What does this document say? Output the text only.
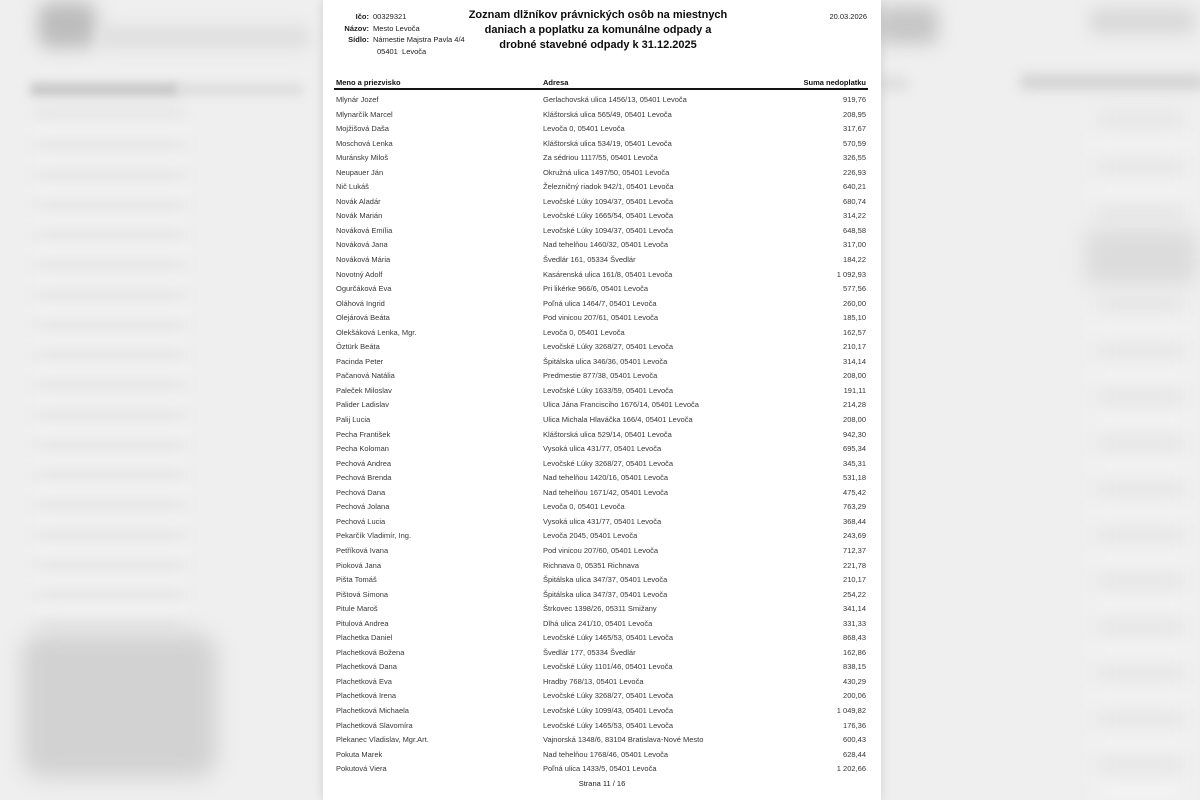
Ičo: 00329321
Názov: Mesto Levoča
Sídlo: Námestie Majstra Pavla 4/4
05401  Levoča
Zoznam dlžníkov právnických osôb na miestnych
daniach a poplatku za komunálne odpady a
drobné stavebné odpady k 31.12.2025
20.03.2026
Meno a priezvisko	Adresa	Suma nedoplatku
Mlynár Jozef	Gerlachovská ulica 1456/13, 05401 Levoča	919,76
Mlynarčík Marcel	Kláštorská ulica 565/49, 05401 Levoča	208,95
Mojžišová Daša	Levoča 0, 05401 Levoča	317,67
Moschová Lenka	Kláštorská ulica 534/19, 05401 Levoča	570,59
Muránsky Miloš	Za sédriou 1117/55, 05401 Levoča	326,55
Neupauer Ján	Okružná ulica 1497/50, 05401 Levoča	226,93
Nič Lukáš	Železničný riadok 942/1, 05401 Levoča	640,21
Novák Aladár	Levočské Lúky 1094/37, 05401 Levoča	680,74
Novák Marián	Levočské Lúky 1665/54, 05401 Levoča	314,22
Nováková Emília	Levočské Lúky 1094/37, 05401 Levoča	648,58
Nováková Jana	Nad tehelňou 1460/32, 05401 Levoča	317,00
Nováková Mária	Švedlár 161, 05334 Švedlár	184,22
Novotný Adolf	Kasárenská ulica 161/8, 05401 Levoča	1 092,93
Ogurčáková Eva	Pri likérke 966/6, 05401 Levoča	577,56
Oláhová Ingrid	Poľná ulica 1464/7, 05401 Levoča	260,00
Olejárová Beáta	Pod vinicou 207/61, 05401 Levoča	185,10
Olekšáková Lenka, Mgr.	Levoča 0, 05401 Levoča	162,57
Öztürk Beáta	Levočské Lúky 3268/27, 05401 Levoča	210,17
Pacinda Peter	Špitálska ulica 346/36, 05401 Levoča	314,14
Pačanová Natália	Predmestie 877/38, 05401 Levoča	208,00
Paleček Miloslav	Levočské Lúky 1633/59, 05401 Levoča	191,11
Palider Ladislav	Ulica Jána Francisciho 1676/14, 05401 Levoča	214,28
Palij Lucia	Ulica Michala Hlaváčka 166/4, 05401 Levoča	208,00
Pecha František	Kláštorská ulica 529/14, 05401 Levoča	942,30
Pecha Koloman	Vysoká ulica 431/77, 05401 Levoča	695,34
Pechová Andrea	Levočské Lúky 3268/27, 05401 Levoča	345,31
Pechová Brenda	Nad tehelňou 1420/16, 05401 Levoča	531,18
Pechová Dana	Nad tehelňou 1671/42, 05401 Levoča	475,42
Pechová Jolana	Levoča 0, 05401 Levoča	763,29
Pechová Lucia	Vysoká ulica 431/77, 05401 Levoča	368,44
Pekarčík Vladimír, Ing.	Levoča 2045, 05401 Levoča	243,69
Petříková Ivana	Pod vinicou 207/60, 05401 Levoča	712,37
Pioková Jana	Richnava 0, 05351 Richnava	221,78
Pišta Tomáš	Špitálska ulica 347/37, 05401 Levoča	210,17
Pištová Simona	Špitálska ulica 347/37, 05401 Levoča	254,22
Pitule Maroš	Štrkovec 1398/26, 05311 Smižany	341,14
Pitulová Andrea	Dlhá ulica 241/10, 05401 Levoča	331,33
Plachetka Daniel	Levočské Lúky 1465/53, 05401 Levoča	868,43
Plachetková Božena	Švedlár 177, 05334 Švedlár	162,86
Plachetková Dana	Levočské Lúky 1101/46, 05401 Levoča	838,15
Plachetková Eva	Hradby 768/13, 05401 Levoča	430,29
Plachetková Irena	Levočské Lúky 3268/27, 05401 Levoča	200,06
Plachetková Michaela	Levočské Lúky 1099/43, 05401 Levoča	1 049,82
Plachetková Slavomíra	Levočské Lúky 1465/53, 05401 Levoča	176,36
Plekanec Vladislav, Mgr.Art.	Vajnorská 1348/6, 83104 Bratislava-Nové Mesto	600,43
Pokuta Marek	Nad tehelňou 1768/46, 05401 Levoča	628,44
Pokutová Viera	Poľná ulica 1433/5, 05401 Levoča	1 202,66
Strana 11 / 16
